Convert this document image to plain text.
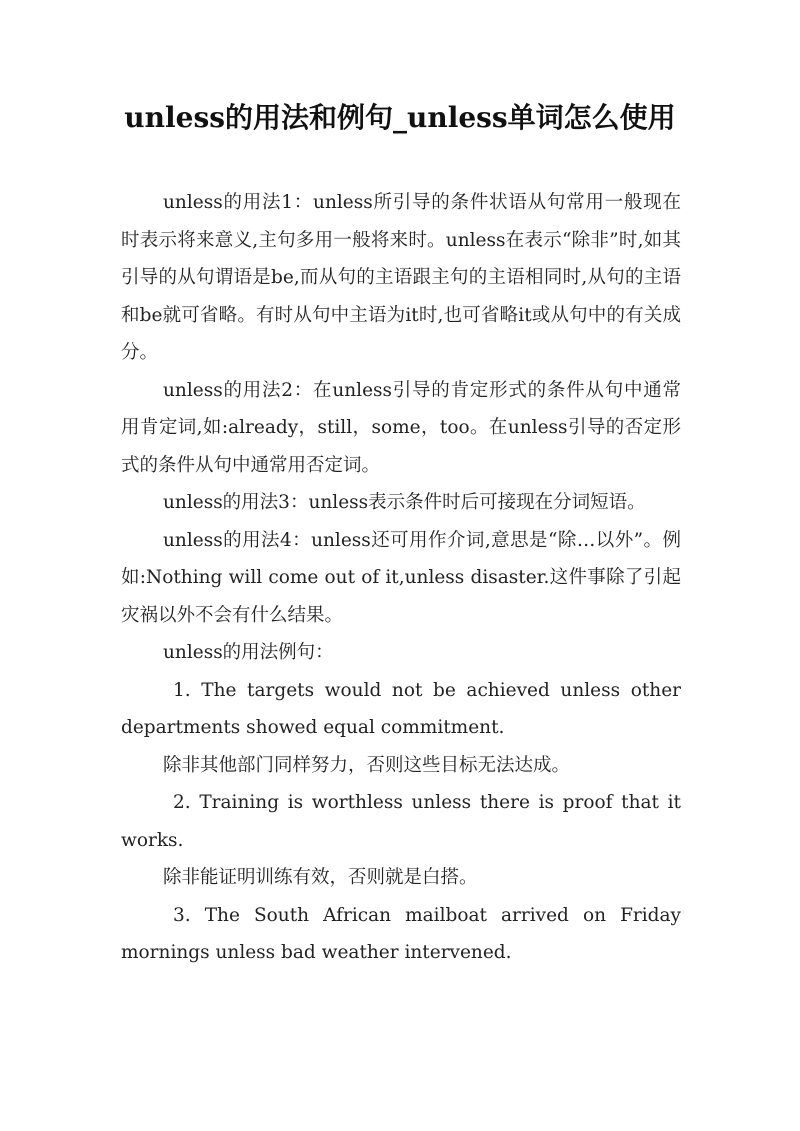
unless的用法和例句_unless单词怎么使用

unless的用法1：unless所引导的条件状语从句常用一般现在时表示将来意义,主句多用一般将来时。unless在表示“除非”时,如其引导的从句谓语是be,而从句的主语跟主句的主语相同时,从句的主语和be就可省略。有时从句中主语为it时,也可省略it或从句中的有关成分。

unless的用法2：在unless引导的肯定形式的条件从句中通常用肯定词,如:already，still，some，too。在unless引导的否定形式的条件从句中通常用否定词。

unless的用法3：unless表示条件时后可接现在分词短语。

unless的用法4：unless还可用作介词,意思是“除…以外”。例如:Nothing will come out of it,unless disaster.这件事除了引起灾祸以外不会有什么结果。

unless的用法例句：

1. The targets would not be achieved unless other departments showed equal commitment.

除非其他部门同样努力，否则这些目标无法达成。

2. Training is worthless unless there is proof that it works.

除非能证明训练有效，否则就是白搭。

3. The South African mailboat arrived on Friday mornings unless bad weather intervened.
